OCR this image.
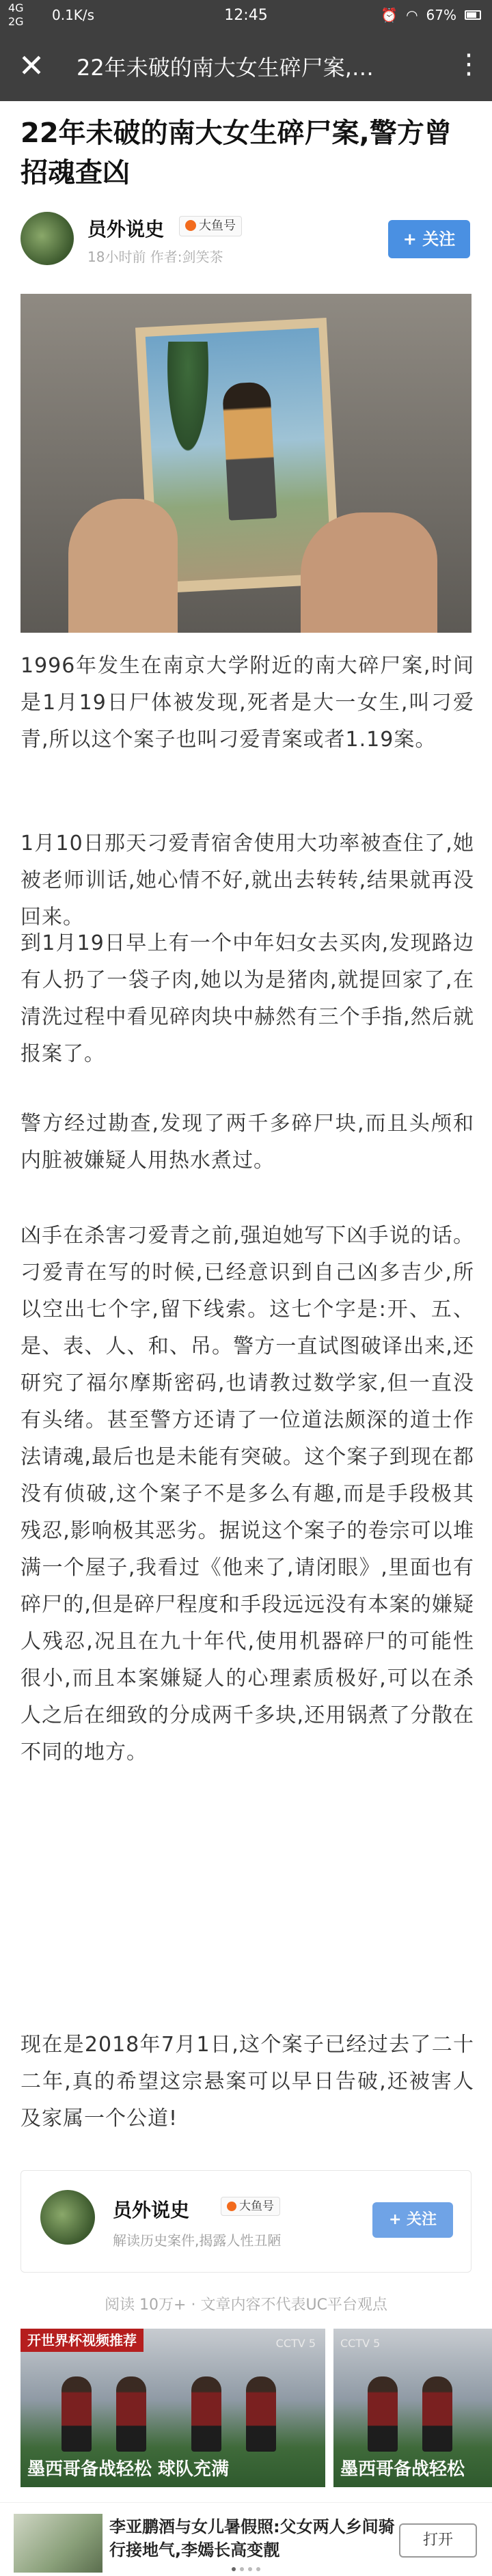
4G
2G 0.1K/s	12:45	⏰ ◠ 67%
✕ 22年未破的南大女生碎尸案,…	⋮
22年未破的南大女生碎尸案,警方曾招魂查凶
员外说史	大鱼号
18小时前 作者:剑笑茶
+ 关注

1996年发生在南京大学附近的南大碎尸案,时间是1月19日尸体被发现,死者是大一女生,叫刁爱青,所以这个案子也叫刁爱青案或者1.19案。

1月10日那天刁爱青宿舍使用大功率被查住了,她被老师训话,她心情不好,就出去转转,结果就再没回来。

到1月19日早上有一个中年妇女去买肉,发现路边有人扔了一袋子肉,她以为是猪肉,就提回家了,在清洗过程中看见碎肉块中赫然有三个手指,然后就报案了。

警方经过勘查,发现了两千多碎尸块,而且头颅和内脏被嫌疑人用热水煮过。

凶手在杀害刁爱青之前,强迫她写下凶手说的话。刁爱青在写的时候,已经意识到自己凶多吉少,所以空出七个字,留下线索。这七个字是:开、五、是、表、人、和、吊。警方一直试图破译出来,还研究了福尔摩斯密码,也请教过数学家,但一直没有头绪。甚至警方还请了一位道法颇深的道士作法请魂,最后也是未能有突破。这个案子到现在都没有侦破,这个案子不是多么有趣,而是手段极其残忍,影响极其恶劣。据说这个案子的卷宗可以堆满一个屋子,我看过《他来了,请闭眼》,里面也有碎尸的,但是碎尸程度和手段远远没有本案的嫌疑人残忍,况且在九十年代,使用机器碎尸的可能性很小,而且本案嫌疑人的心理素质极好,可以在杀人之后在细致的分成两千多块,还用锅煮了分散在不同的地方。

现在是2018年7月1日,这个案子已经过去了二十二年,真的希望这宗悬案可以早日告破,还被害人及家属一个公道!

员外说史	大鱼号
解读历史案件,揭露人性丑陋
+ 关注
阅读 10万+ · 文章内容不代表UC平台观点
开世界杯视频推荐	CCTV 5
墨西哥备战轻松 球队充满
CCTV 5
墨西哥备战轻松
李亚鹏酒与女儿暑假照:父女两人乡间骑行接地气,李嫣长高变靓
打开
